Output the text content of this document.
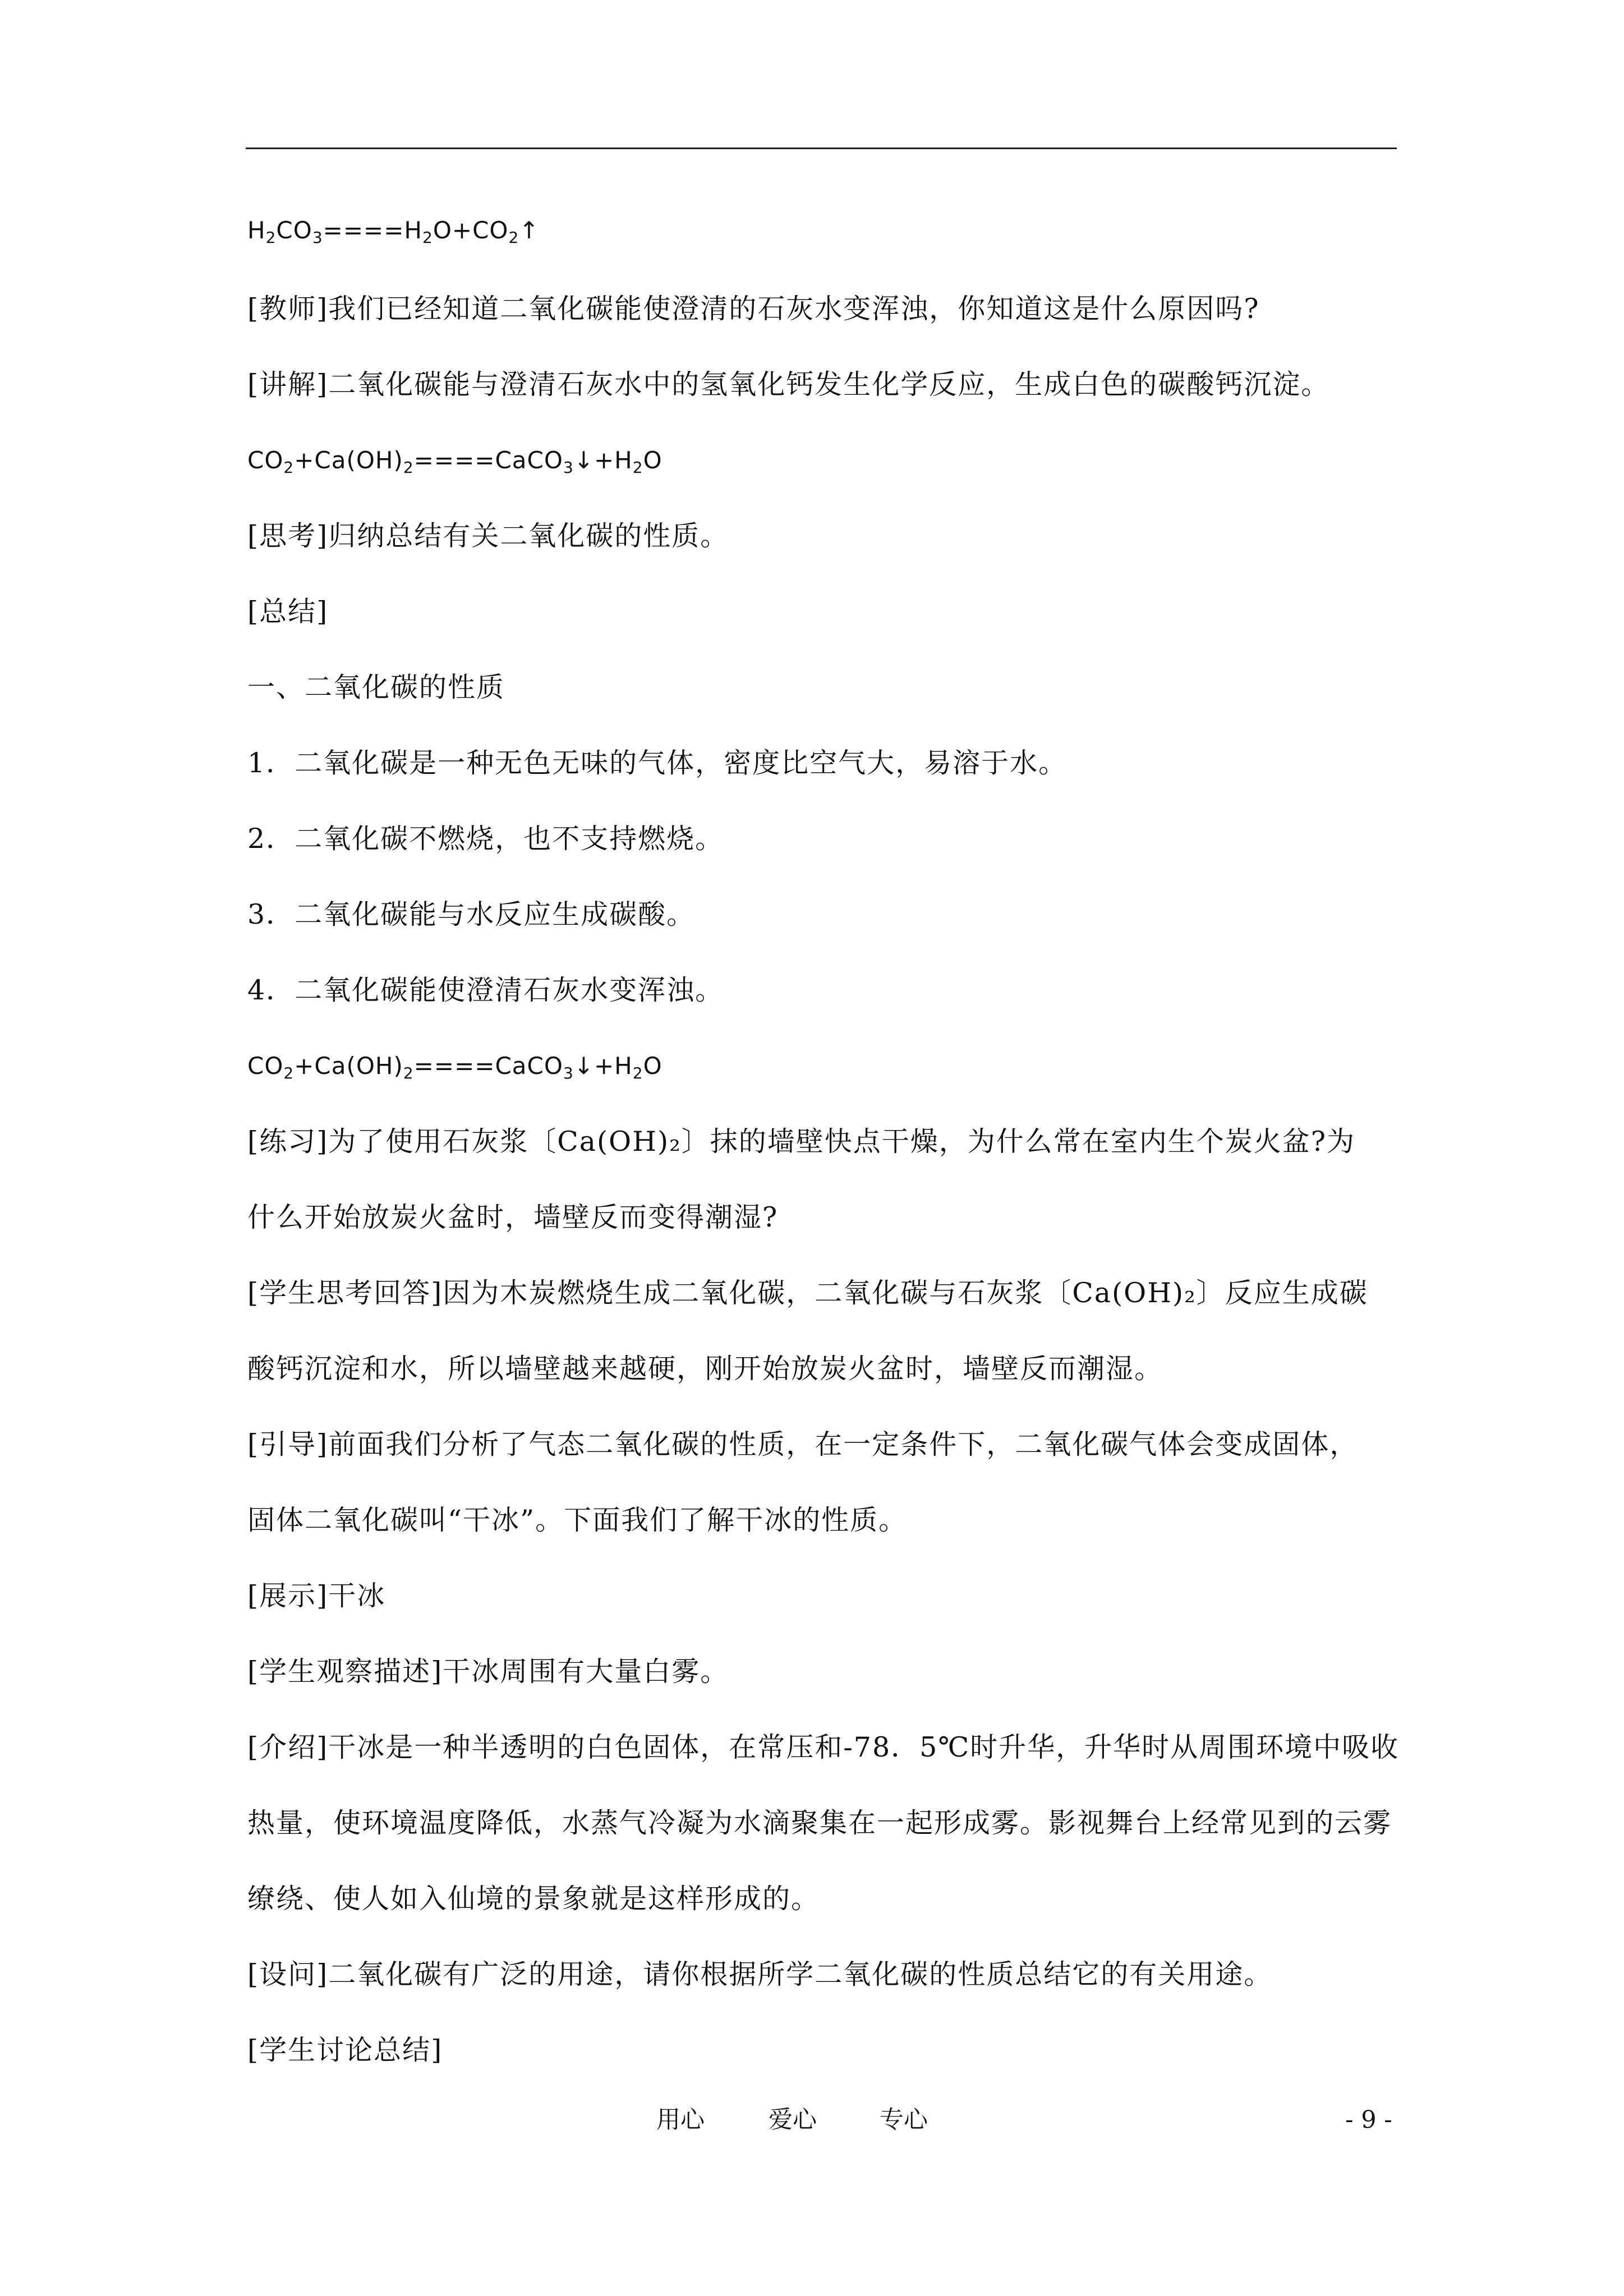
$H_2CO_3====H_2O+CO_2↑$
[教师]我们已经知道二氧化碳能使澄清的石灰水变浑浊，你知道这是什么原因吗?
[讲解]二氧化碳能与澄清石灰水中的氢氧化钙发生化学反应，生成白色的碳酸钙沉淀。
$CO_2+Ca(OH)_2====CaCO_3↓+H_2O$
[思考]归纳总结有关二氧化碳的性质。
[总结]
一、二氧化碳的性质
1．二氧化碳是一种无色无味的气体，密度比空气大，易溶于水。
2．二氧化碳不燃烧，也不支持燃烧。
3．二氧化碳能与水反应生成碳酸。
4．二氧化碳能使澄清石灰水变浑浊。
$CO_2+Ca(OH)_2====CaCO_3↓+H_2O$
[练习]为了使用石灰浆〔Ca(OH)₂〕抹的墙壁快点干燥，为什么常在室内生个炭火盆?为
什么开始放炭火盆时，墙壁反而变得潮湿?
[学生思考回答]因为木炭燃烧生成二氧化碳，二氧化碳与石灰浆〔Ca(OH)₂〕反应生成碳
酸钙沉淀和水，所以墙壁越来越硬，刚开始放炭火盆时，墙壁反而潮湿。
[引导]前面我们分析了气态二氧化碳的性质，在一定条件下，二氧化碳气体会变成固体，
固体二氧化碳叫“干冰”。下面我们了解干冰的性质。
[展示]干冰
[学生观察描述]干冰周围有大量白雾。
[介绍]干冰是一种半透明的白色固体，在常压和-78．5℃时升华，升华时从周围环境中吸收
热量，使环境温度降低，水蒸气冷凝为水滴聚集在一起形成雾。影视舞台上经常见到的云雾
缭绕、使人如入仙境的景象就是这样形成的。
[设问]二氧化碳有广泛的用途，请你根据所学二氧化碳的性质总结它的有关用途。
[学生讨论总结]
用心	爱心	专心	- 9 -
